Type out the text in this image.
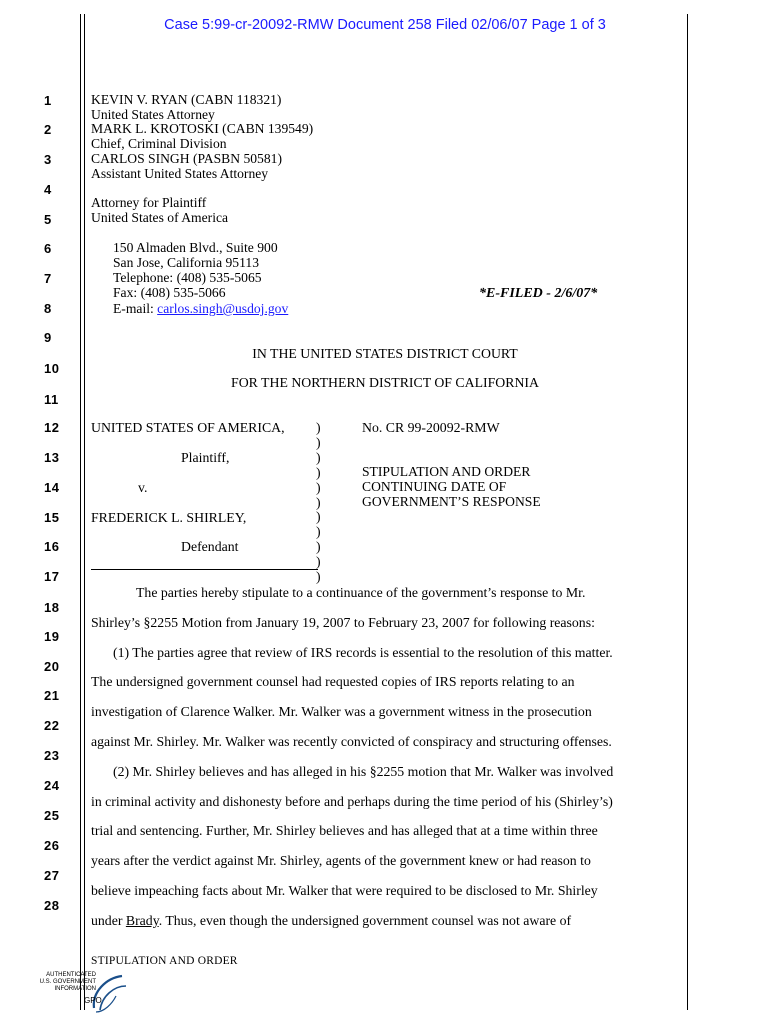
Case 5:99-cr-20092-RMW Document 258 Filed 02/06/07 Page 1 of 3
1
2
3
4
5
6
7
8
9
10
11
12
13
14
15
16
17
18
19
20
21
22
23
24
25
26
27
28
KEVIN V. RYAN (CABN 118321)
United States Attorney
MARK L. KROTOSKI (CABN 139549)
Chief, Criminal Division
CARLOS SINGH (PASBN 50581)
Assistant United States Attorney
Attorney for Plaintiff
United States of America
150 Almaden Blvd., Suite 900
San Jose, California 95113
Telephone: (408) 535-5065
Fax: (408) 535-5066
E-mail: carlos.singh@usdoj.gov
*E-FILED - 2/6/07*
IN THE UNITED STATES DISTRICT COURT
FOR THE NORTHERN DISTRICT OF CALIFORNIA
UNITED STATES OF AMERICA,
Plaintiff,
v.
FREDERICK L. SHIRLEY,
Defendant
)
)
)
)
)
)
)
)
)
)
)
No. CR 99-20092-RMW
STIPULATION AND ORDER
CONTINUING DATE OF
GOVERNMENT’S RESPONSE
The parties hereby stipulate to a continuance of the government’s response to Mr.
Shirley’s §2255 Motion from January 19, 2007 to February 23, 2007 for following reasons:
(1) The parties agree that review of IRS records is essential to the resolution of this matter.
The undersigned government counsel had requested copies of IRS reports relating to an
investigation of Clarence Walker. Mr. Walker was a government witness in the prosecution
against Mr. Shirley. Mr. Walker was recently convicted of conspiracy and structuring offenses.
(2) Mr. Shirley believes and has alleged in his §2255 motion that Mr. Walker was involved
in criminal activity and dishonesty before and perhaps during the time period of his (Shirley’s)
trial and sentencing. Further, Mr. Shirley believes and has alleged that at a time within three
years after the verdict against Mr. Shirley, agents of the government knew or had reason to
believe impeaching facts about Mr. Walker that were required to be disclosed to Mr. Shirley
under Brady. Thus, even though the undersigned government counsel was not aware of
STIPULATION AND ORDER
AUTHENTICATED
U.S. GOVERNMENT
INFORMATION
GPO
